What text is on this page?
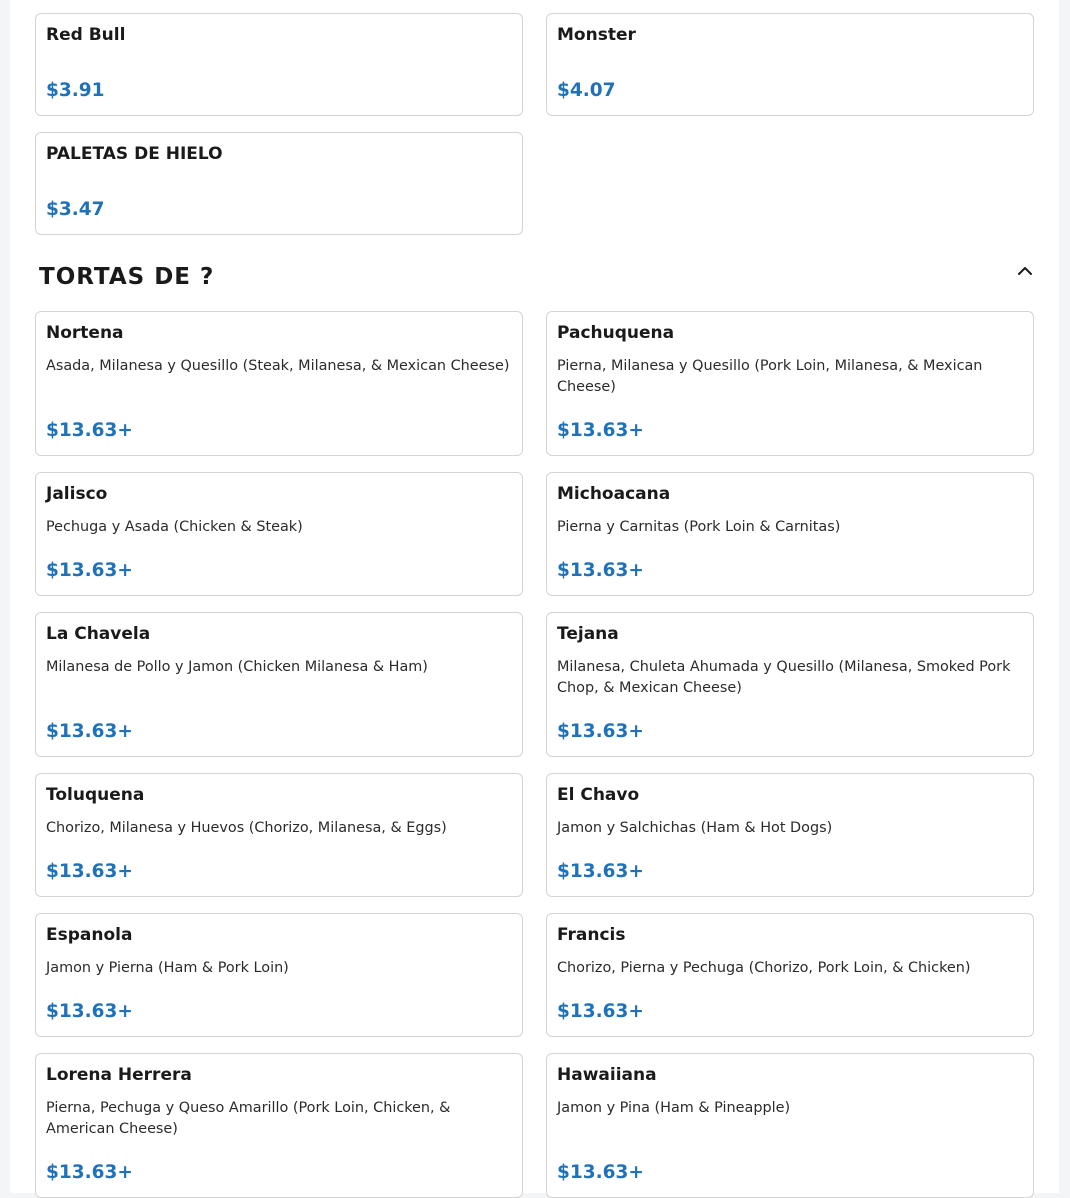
Red Bull
$3.91
Monster
$4.07
PALETAS DE HIELO
$3.47
TORTAS DE ?
Nortena
Asada, Milanesa y Quesillo (Steak, Milanesa, & Mexican Cheese)
$13.63+
Pachuquena
Pierna, Milanesa y Quesillo (Pork Loin, Milanesa, & Mexican Cheese)
$13.63+
Jalisco
Pechuga y Asada (Chicken & Steak)
$13.63+
Michoacana
Pierna y Carnitas (Pork Loin & Carnitas)
$13.63+
La Chavela
Milanesa de Pollo y Jamon (Chicken Milanesa & Ham)
$13.63+
Tejana
Milanesa, Chuleta Ahumada y Quesillo (Milanesa, Smoked Pork Chop, & Mexican Cheese)
$13.63+
Toluquena
Chorizo, Milanesa y Huevos (Chorizo, Milanesa, & Eggs)
$13.63+
El Chavo
Jamon y Salchichas (Ham & Hot Dogs)
$13.63+
Espanola
Jamon y Pierna (Ham & Pork Loin)
$13.63+
Francis
Chorizo, Pierna y Pechuga (Chorizo, Pork Loin, & Chicken)
$13.63+
Lorena Herrera
Pierna, Pechuga y Queso Amarillo (Pork Loin, Chicken, & American Cheese)
$13.63+
Hawaiiana
Jamon y Pina (Ham & Pineapple)
$13.63+
